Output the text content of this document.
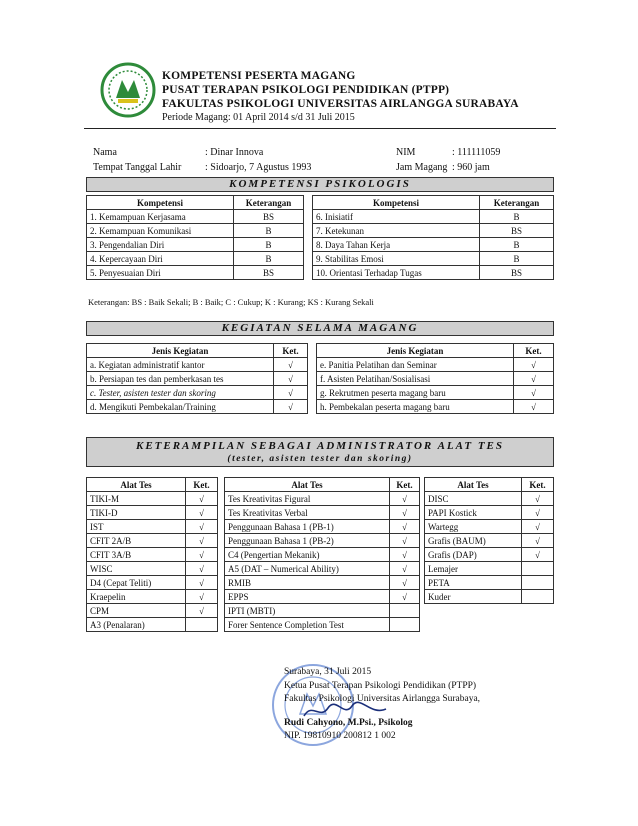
KOMPETENSI PESERTA MAGANG
PUSAT TERAPAN PSIKOLOGI PENDIDIKAN (PTPP)
FAKULTAS PSIKOLOGI UNIVERSITAS AIRLANGGA SURABAYA
Periode Magang: 01 April 2014 s/d 31 Juli 2015
Nama	: Dinar Innova
Tempat Tanggal Lahir : Sidoarjo, 7 Agustus 1993
NIM	: 111111059
Jam Magang : 960 jam
KOMPETENSI PSIKOLOGIS
Kompetensi	Keterangan
1. Kemampuan Kerjasama	BS
2. Kemampuan Komunikasi	B
3. Pengendalian Diri	B
4. Kepercayaan Diri	B
5. Penyesuaian Diri	BS
Kompetensi	Keterangan
6. Inisiatif	B
7. Ketekunan	BS
8. Daya Tahan Kerja	B
9. Stabilitas Emosi	B
10. Orientasi Terhadap Tugas	BS
Keterangan: BS : Baik Sekali; B : Baik; C : Cukup; K : Kurang; KS : Kurang Sekali
KEGIATAN SELAMA MAGANG
Jenis Kegiatan	Ket.
a. Kegiatan administratif kantor	√
b. Persiapan tes dan pemberkasan tes	√
c. Tester, asisten tester dan skoring	√
d. Mengikuti Pembekalan/Training	√
Jenis Kegiatan	Ket.
e. Panitia Pelatihan dan Seminar	√
f. Asisten Pelatihan/Sosialisasi	√
g. Rekrutmen peserta magang baru	√
h. Pembekalan peserta magang baru	√
KETERAMPILAN SEBAGAI ADMINISTRATOR ALAT TES
(tester, asisten tester dan skoring)
Alat Tes	Ket.
TIKI-M	√
TIKI-D	√
IST	√
CFIT 2A/B	√
CFIT 3A/B	√
WISC	√
D4 (Cepat Teliti)	√
Kraepelin	√
CPM	√
A3 (Penalaran)	
Alat Tes	Ket.
Tes Kreativitas Figural	√
Tes Kreativitas Verbal	√
Penggunaan Bahasa 1 (PB-1)	√
Penggunaan Bahasa 1 (PB-2)	√
C4 (Pengertian Mekanik)	√
A5 (DAT – Numerical Ability)	√
RMIB	√
EPPS	√
IPTI (MBTI)	
Forer Sentence Completion Test	
Alat Tes	Ket.
DISC	√
PAPI Kostick	√
Wartegg	√
Grafis (BAUM)	√
Grafis (DAP)	√
Lemajer	
PETA	
Kuder	
Surabaya, 31 Juli 2015
Ketua Pusat Terapan Psikologi Pendidikan (PTPP)
Fakultas Psikologi Universitas Airlangga Surabaya,
Rudi Cahyono, M.Psi., Psikolog
NIP. 19810910 200812 1 002
